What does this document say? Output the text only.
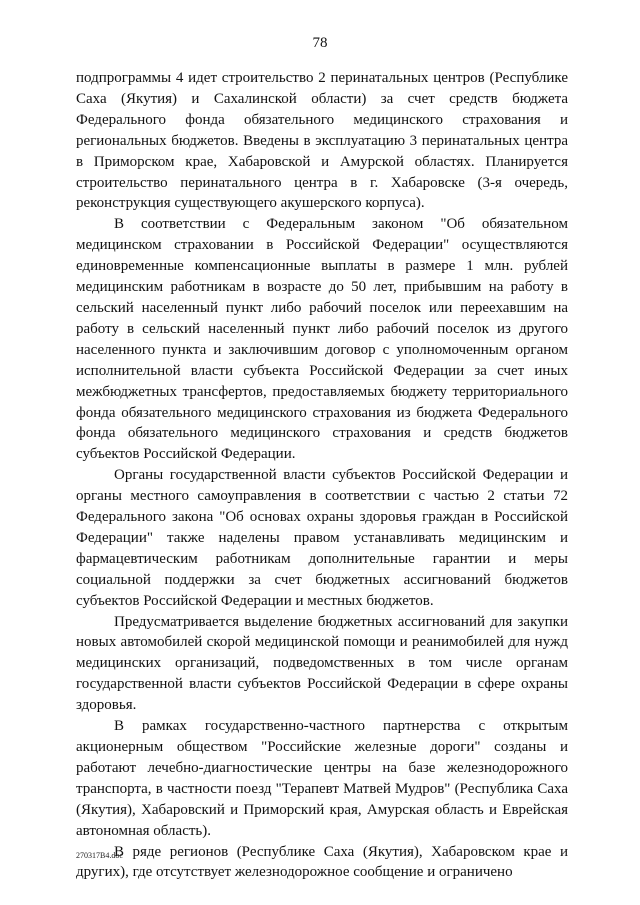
78

подпрограммы 4 идет строительство 2 перинатальных центров (Республике Саха (Якутия) и Сахалинской области) за счет средств бюджета Федерального фонда обязательного медицинского страхования и региональных бюджетов. Введены в эксплуатацию 3 перинатальных центра в Приморском крае, Хабаровской и Амурской областях. Планируется строительство перинатального центра в г. Хабаровске (3-я очередь, реконструкция существующего акушерского корпуса).

В соответствии с Федеральным законом "Об обязательном медицинском страховании в Российской Федерации" осуществляются единовременные компенсационные выплаты в размере 1 млн. рублей медицинским работникам в возрасте до 50 лет, прибывшим на работу в сельский населенный пункт либо рабочий поселок или переехавшим на работу в сельский населенный пункт либо рабочий поселок из другого населенного пункта и заключившим договор с уполномоченным органом исполнительной власти субъекта Российской Федерации за счет иных межбюджетных трансфертов, предоставляемых бюджету территориального фонда обязательного медицинского страхования из бюджета Федерального фонда обязательного медицинского страхования и средств бюджетов субъектов Российской Федерации.

Органы государственной власти субъектов Российской Федерации и органы местного самоуправления в соответствии с частью 2 статьи 72 Федерального закона "Об основах охраны здоровья граждан в Российской Федерации" также наделены правом устанавливать медицинским и фармацевтическим работникам дополнительные гарантии и меры социальной поддержки за счет бюджетных ассигнований бюджетов субъектов Российской Федерации и местных бюджетов.

Предусматривается выделение бюджетных ассигнований для закупки новых автомобилей скорой медицинской помощи и реанимобилей для нужд медицинских организаций, подведомственных в том числе органам государственной власти субъектов Российской Федерации в сфере охраны здоровья.

В рамках государственно-частного партнерства с открытым акционерным обществом "Российские железные дороги" созданы и работают лечебно-диагностические центры на базе железнодорожного транспорта, в частности поезд "Терапевт Матвей Мудров" (Республика Саха (Якутия), Хабаровский и Приморский края, Амурская область и Еврейская автономная область).

В ряде регионов (Республике Саха (Якутия), Хабаровском крае и других), где отсутствует железнодорожное сообщение и ограничено

270317B4.doc
